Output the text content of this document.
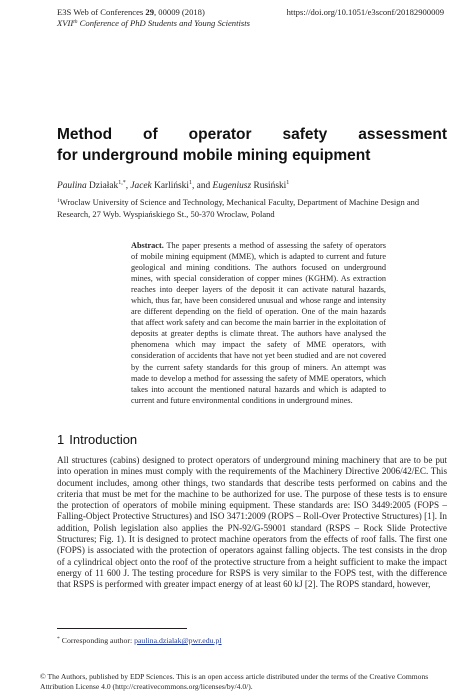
E3S Web of Conferences 29, 00009 (2018)
XVIIth Conference of PhD Students and Young Scientists
https://doi.org/10.1051/e3sconf/20182900009
Method of operator safety assessment
for underground mobile mining equipment
Paulina Działak$^{1,*}$, Jacek Karliński$^1$, and Eugeniusz Rusiński$^1$
$^1$Wroclaw University of Science and Technology, Mechanical Faculty, Department of Machine Design and Research, 27 Wyb. Wyspiańskiego St., 50-370 Wroclaw, Poland

Abstract. The paper presents a method of assessing the safety of operators of mobile mining equipment (MME), which is adapted to current and future geological and mining conditions. The authors focused on underground mines, with special consideration of copper mines (KGHM). As extraction reaches into deeper layers of the deposit it can activate natural hazards, which, thus far, have been considered unusual and whose range and intensity are different depending on the field of operation. One of the main hazards that affect work safety and can become the main barrier in the exploitation of deposits at greater depths is climate threat. The authors have analysed the phenomena which may impact the safety of MME operators, with consideration of accidents that have not yet been studied and are not covered by the current safety standards for this group of miners. An attempt was made to develop a method for assessing the safety of MME operators, which takes into account the mentioned natural hazards and which is adapted to current and future environmental conditions in underground mines.

1 Introduction

All structures (cabins) designed to protect operators of underground mining machinery that are to be put into operation in mines must comply with the requirements of the Machinery Directive 2006/42/EC. This document includes, among other things, two standards that describe tests performed on cabins and the criteria that must be met for the machine to be authorized for use. The purpose of these tests is to ensure the protection of operators of mobile mining equipment. These standards are: ISO 3449:2005 (FOPS – Falling-Object Protective Structures) and ISO 3471:2009 (ROPS – Roll-Over Protective Structures) [1]. In addition, Polish legislation also applies the PN-92/G-59001 standard (RSPS – Rock Slide Protective Structures; Fig. 1). It is designed to protect machine operators from the effects of roof falls. The first one (FOPS) is associated with the protection of operators against falling objects. The test consists in the drop of a cylindrical object onto the roof of the protective structure from a height sufficient to make the impact energy of 11 600 J. The testing procedure for RSPS is very similar to the FOPS test, with the difference that RSPS is performed with greater impact energy of at least 60 kJ [2]. The ROPS standard, however,

* Corresponding author: paulina.dzialak@pwr.edu.pl

© The Authors, published by EDP Sciences. This is an open access article distributed under the terms of the Creative Commons Attribution License 4.0 (http://creativecommons.org/licenses/by/4.0/).
